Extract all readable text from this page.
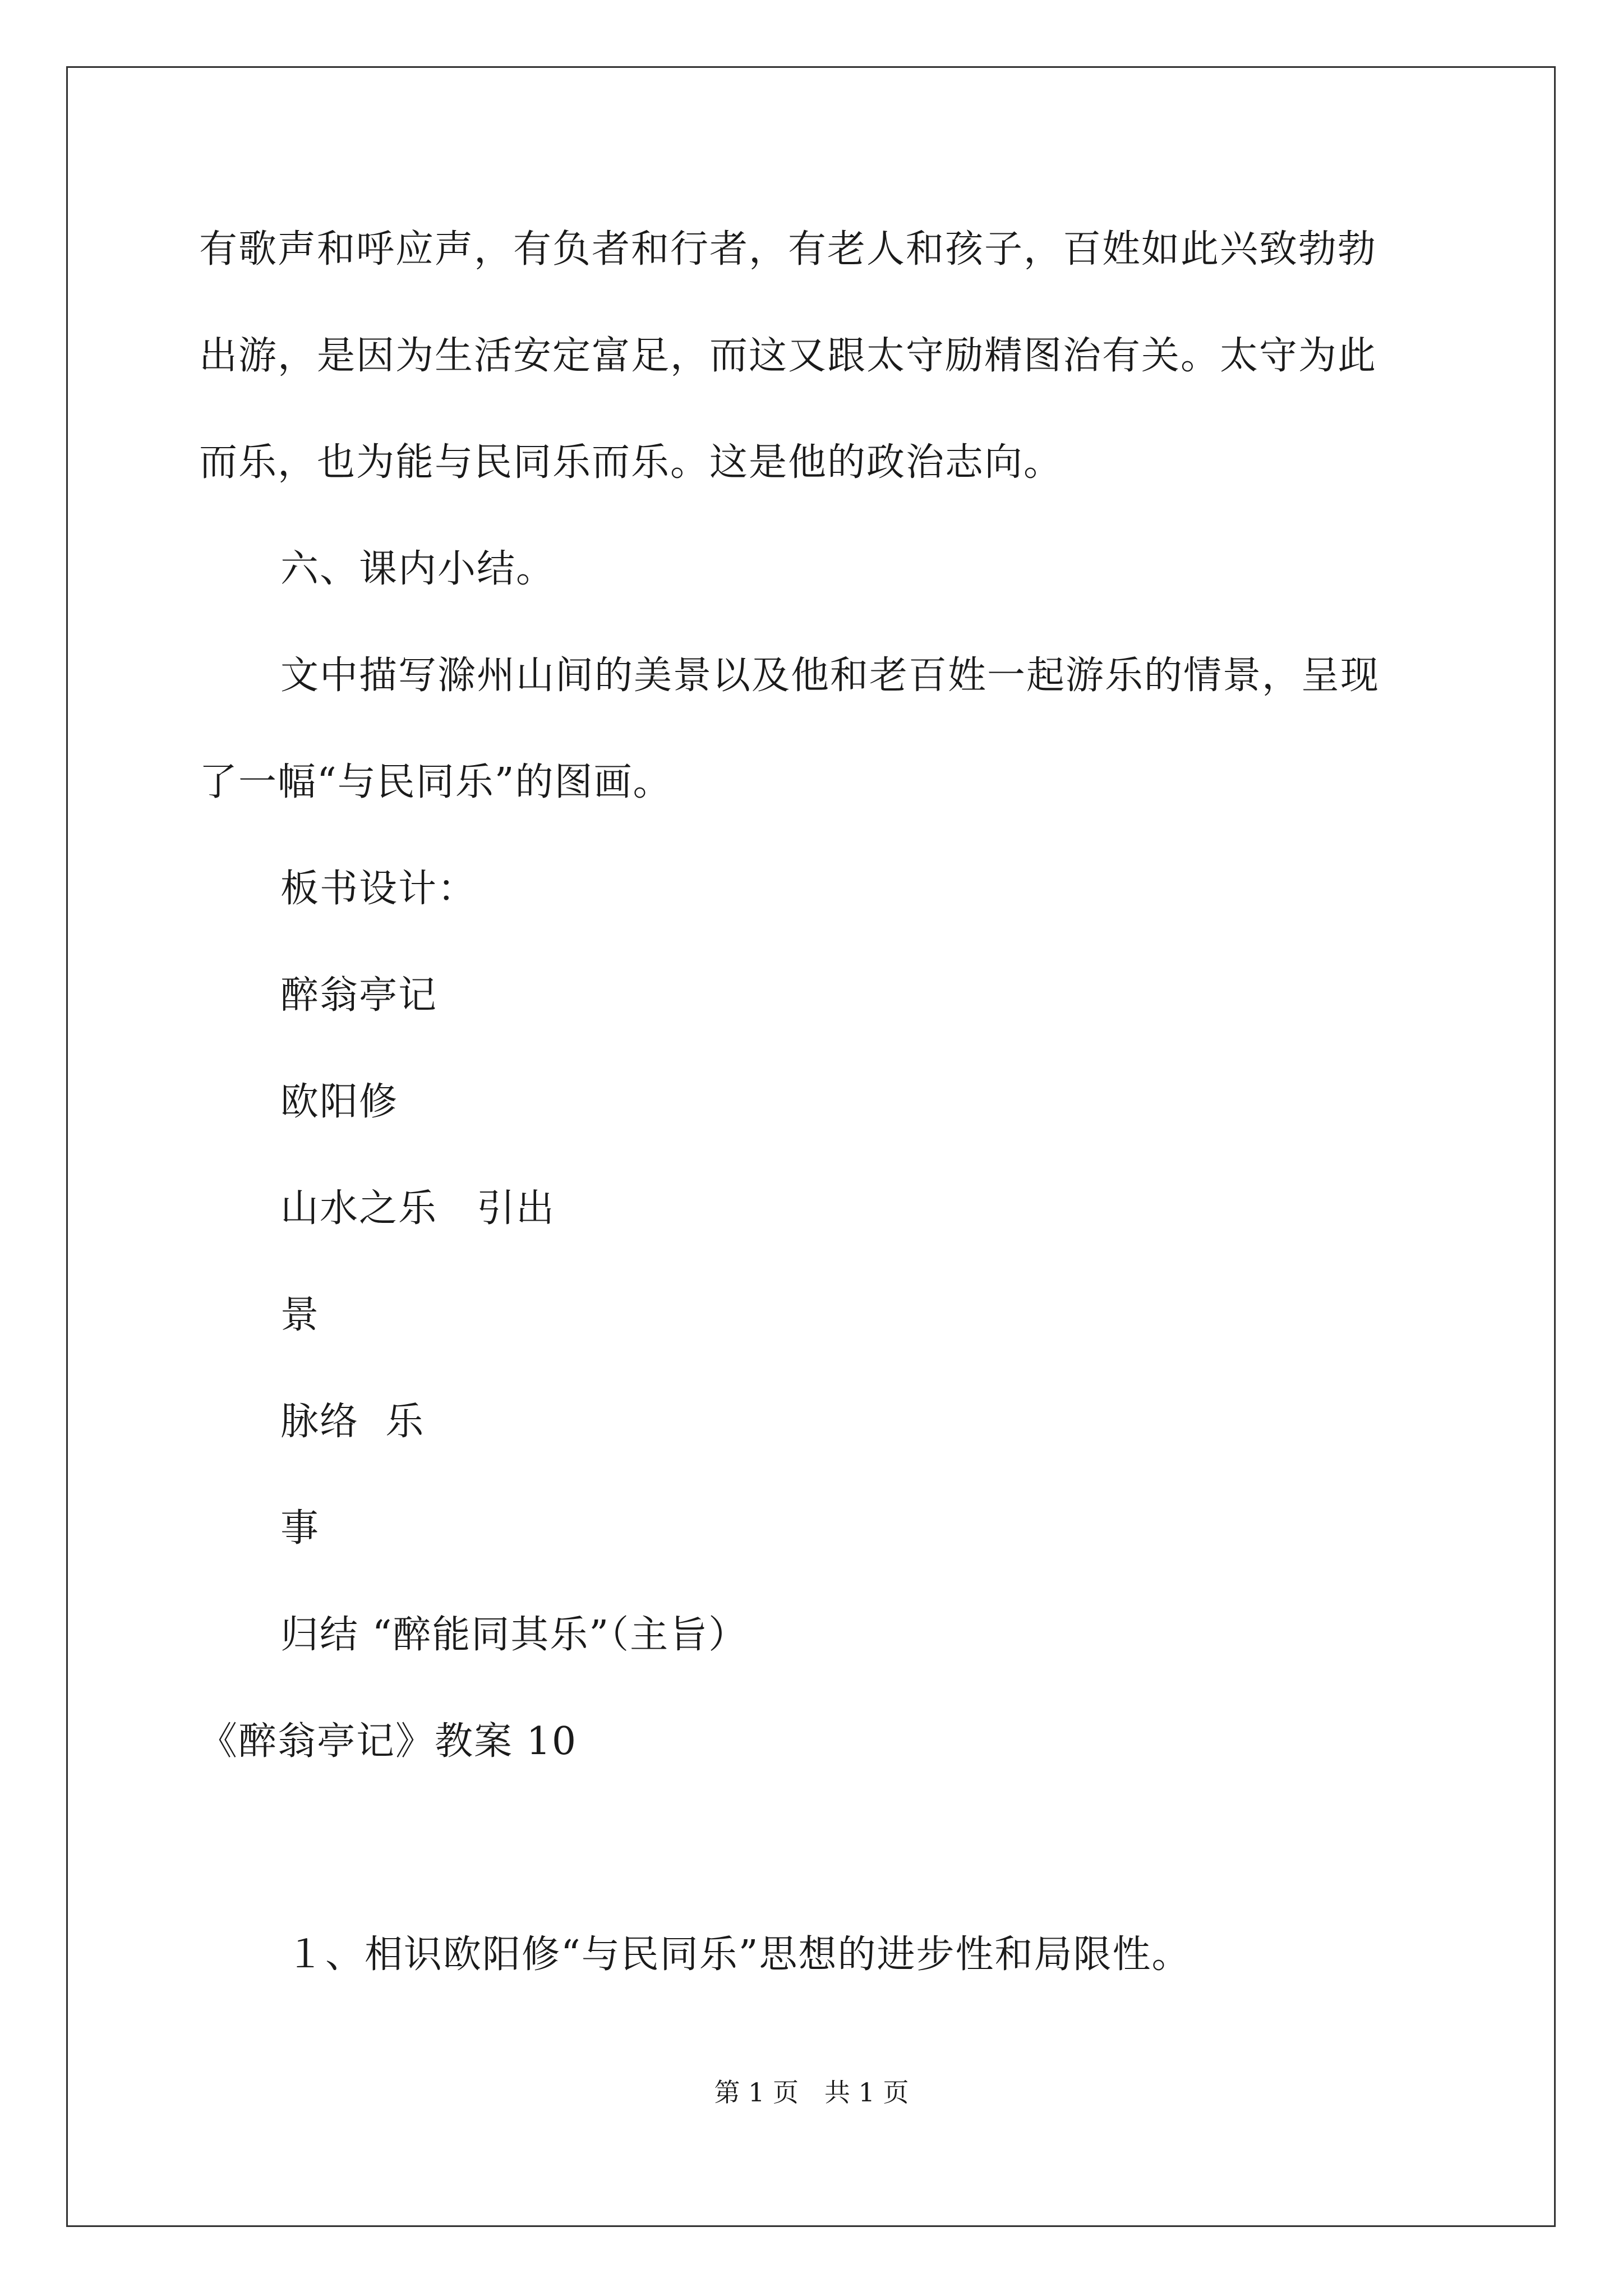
有歌声和呼应声，有负者和行者，有老人和孩子，百姓如此兴致勃勃
出游，是因为生活安定富足，而这又跟太守励精图治有关。太守为此
而乐，也为能与民同乐而乐。这是他的政治志向。
六、课内小结。
文中描写滁州山间的美景以及他和老百姓一起游乐的情景，呈现
了一幅“与民同乐”的图画。
板书设计：
醉翁亭记
欧阳修
山水之乐　引出
景
脉络  乐
事
归结 “醉能同其乐”（主旨）
《醉翁亭记》教案 10
１、相识欧阳修“与民同乐”思想的进步性和局限性。
第 1 页　共 1 页
